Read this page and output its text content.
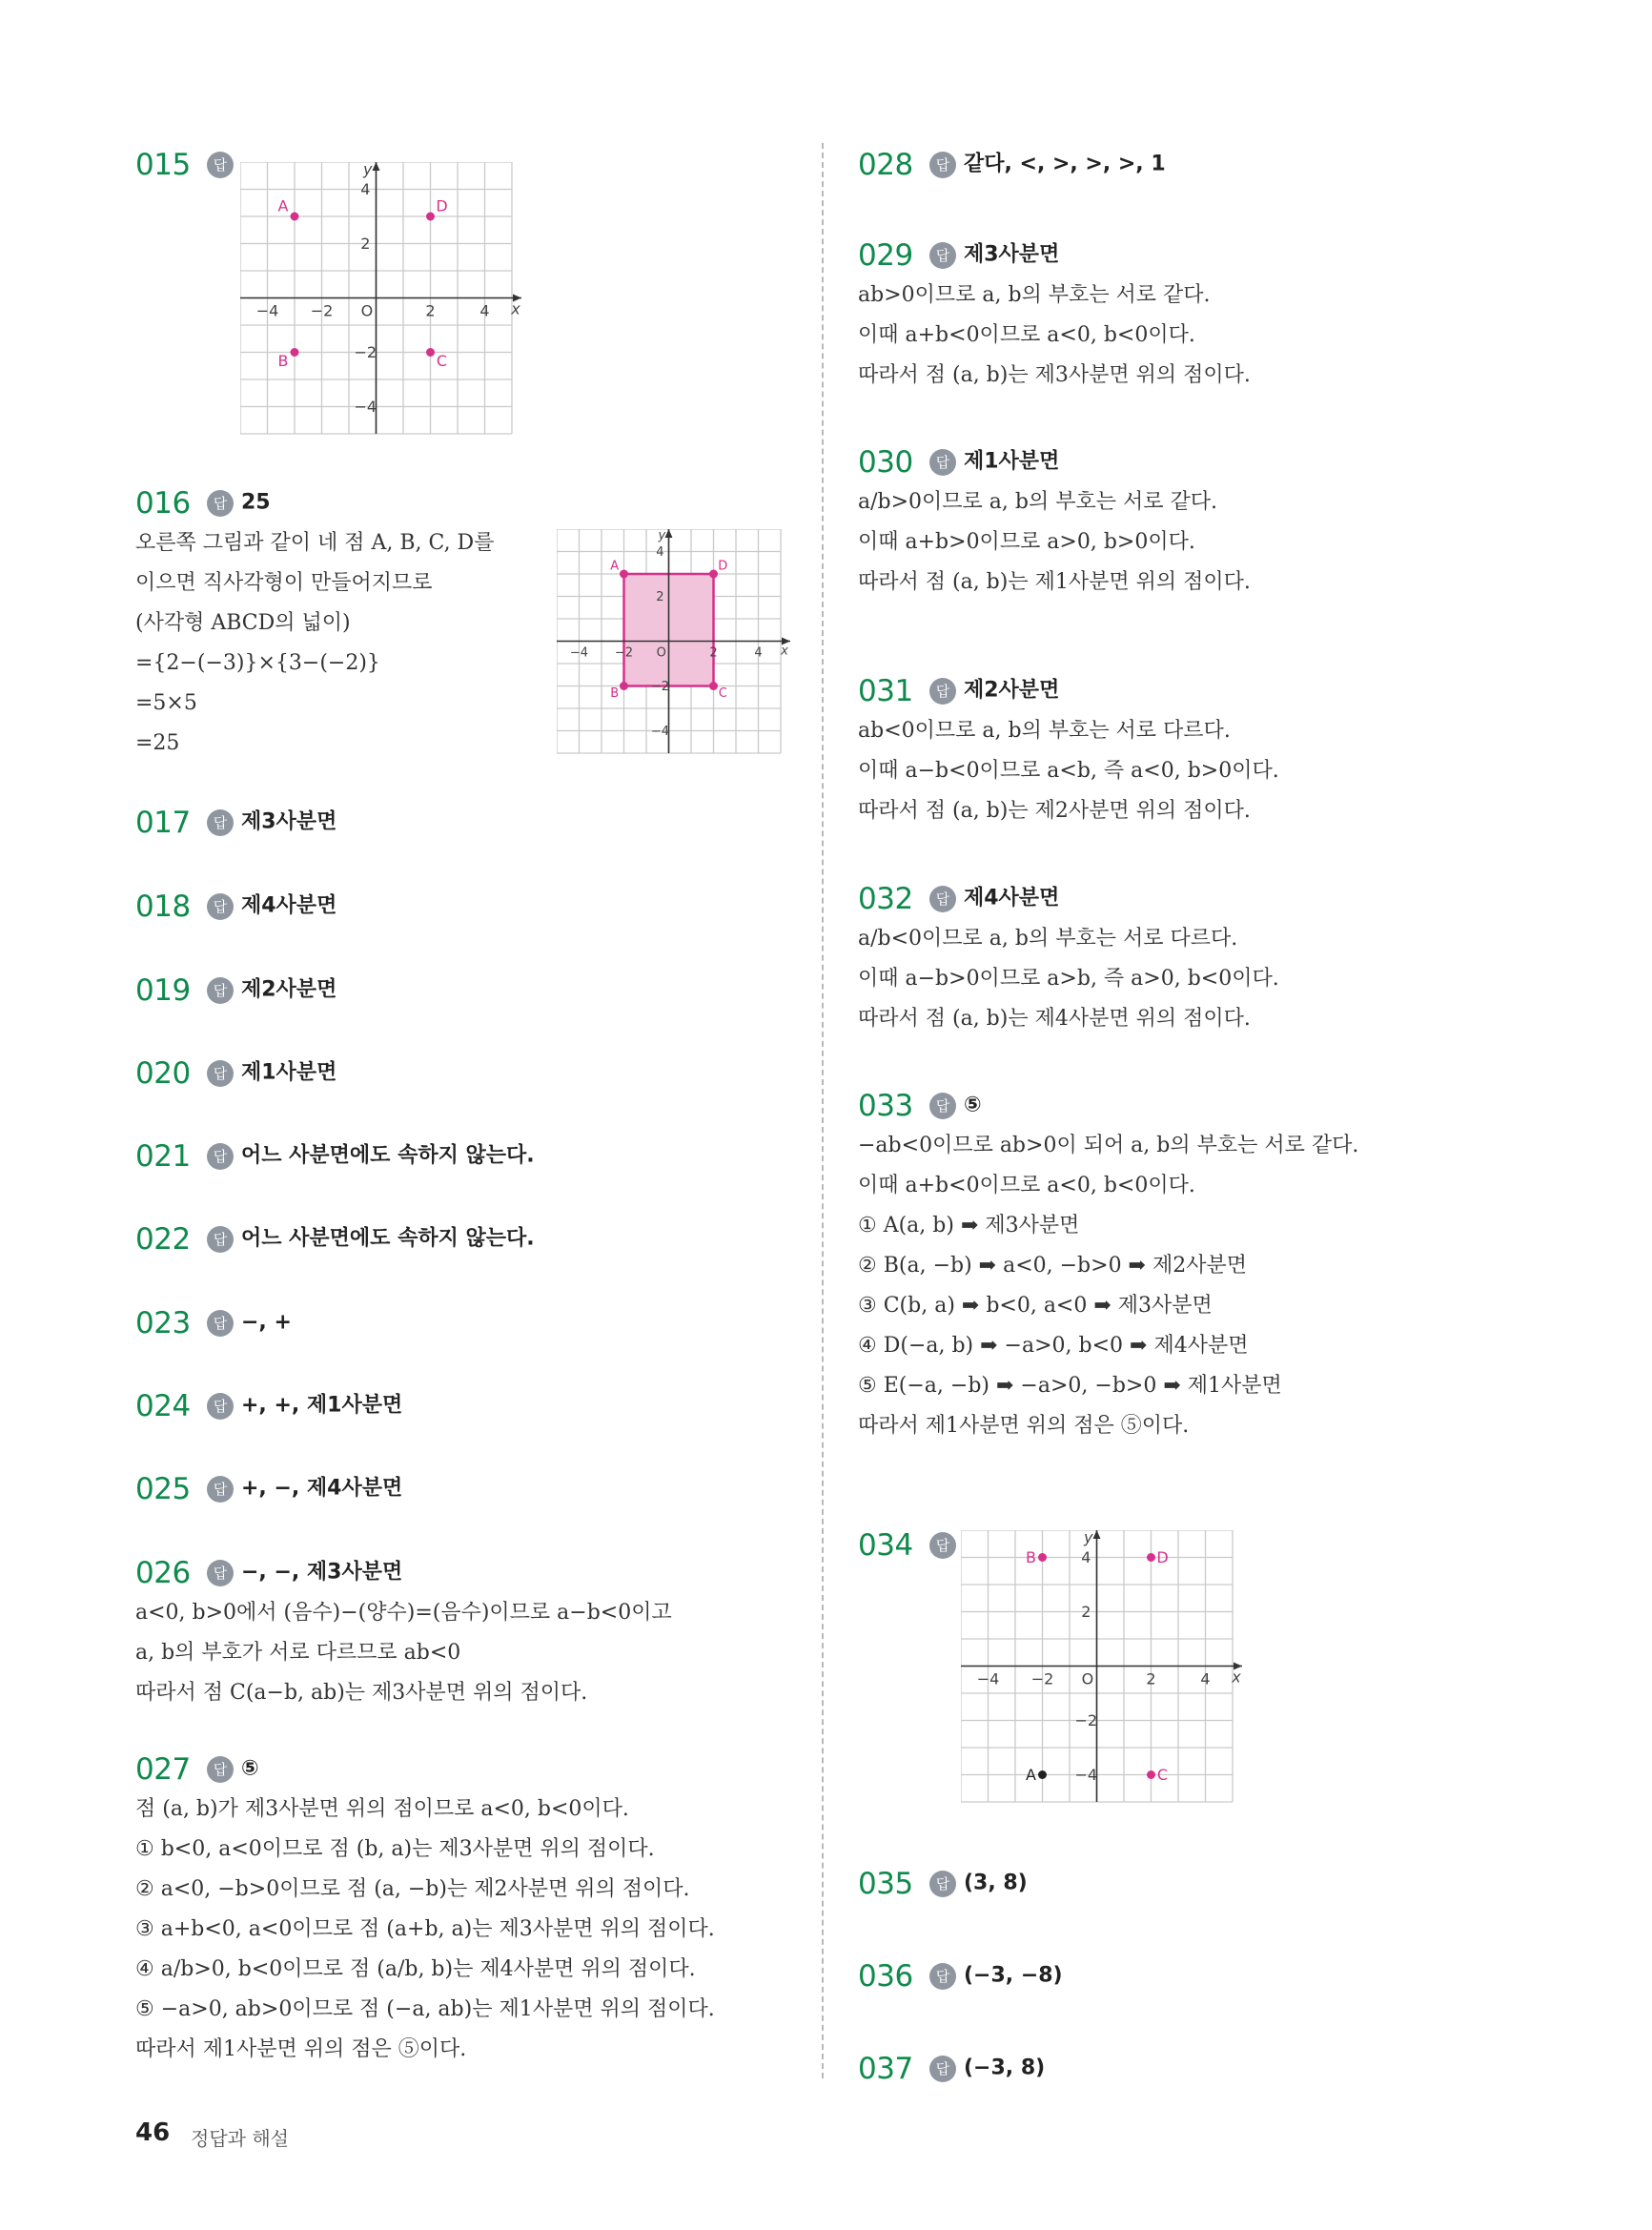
015 답
016 답 25
오른쪽 그림과 같이 네 점 A, B, C, D를
이으면 직사각형이 만들어지므로
(사각형 ABCD의 넓이)
={2−(−3)}×{3−(−2)}
=5×5
=25
017 답 제3사분면
018 답 제4사분면
019 답 제2사분면
020 답 제1사분면
021 답 어느 사분면에도 속하지 않는다.
022 답 어느 사분면에도 속하지 않는다.
023 답 −, +
024 답 +, +, 제1사분면
025 답 +, −, 제4사분면
026 답 −, −, 제3사분면
a<0, b>0에서 (음수)−(양수)=(음수)이므로 a−b<0이고
a, b의 부호가 서로 다르므로 ab<0
따라서 점 C(a−b, ab)는 제3사분면 위의 점이다.
027 답 ⑤
점 (a, b)가 제3사분면 위의 점이므로 a<0, b<0이다.
① b<0, a<0이므로 점 (b, a)는 제3사분면 위의 점이다.
② a<0, −b>0이므로 점 (a, −b)는 제2사분면 위의 점이다.
③ a+b<0, a<0이므로 점 (a+b, a)는 제3사분면 위의 점이다.
④ a/b>0, b<0이므로 점 (a/b, b)는 제4사분면 위의 점이다.
⑤ −a>0, ab>0이므로 점 (−a, ab)는 제1사분면 위의 점이다.
따라서 제1사분면 위의 점은 ⑤이다.
−4 −2	2	4
4
2
−2
−4
O	x
y
A	D
B	C
−4 −2	2	4
4
2
−2
−4
O	x
y
A	D
B	C
028 답 같다, <, >, >, >, 1
029 답 제3사분면
ab>0이므로 a, b의 부호는 서로 같다.
이때 a+b<0이므로 a<0, b<0이다.
따라서 점 (a, b)는 제3사분면 위의 점이다.
030 답 제1사분면
a/b>0이므로 a, b의 부호는 서로 같다.
이때 a+b>0이므로 a>0, b>0이다.
따라서 점 (a, b)는 제1사분면 위의 점이다.
031 답 제2사분면
ab<0이므로 a, b의 부호는 서로 다르다.
이때 a−b<0이므로 a<b, 즉 a<0, b>0이다.
따라서 점 (a, b)는 제2사분면 위의 점이다.
032 답 제4사분면
a/b<0이므로 a, b의 부호는 서로 다르다.
이때 a−b>0이므로 a>b, 즉 a>0, b<0이다.
따라서 점 (a, b)는 제4사분면 위의 점이다.
033 답 ⑤
−ab<0이므로 ab>0이 되어 a, b의 부호는 서로 같다.
이때 a+b<0이므로 a<0, b<0이다.
① A(a, b) ➡ 제3사분면
② B(a, −b) ➡ a<0, −b>0 ➡ 제2사분면
③ C(b, a) ➡ b<0, a<0 ➡ 제3사분면
④ D(−a, b) ➡ −a>0, b<0 ➡ 제4사분면
⑤ E(−a, −b) ➡ −a>0, −b>0 ➡ 제1사분면
따라서 제1사분면 위의 점은 ⑤이다.
034 답
035 답 (3, 8)
036 답 (−3, −8)
037 답 (−3, 8)
−4 −2	2	4
4
2
−2
−4
O	x
y
B	D
A	C
46 정답과 해설
